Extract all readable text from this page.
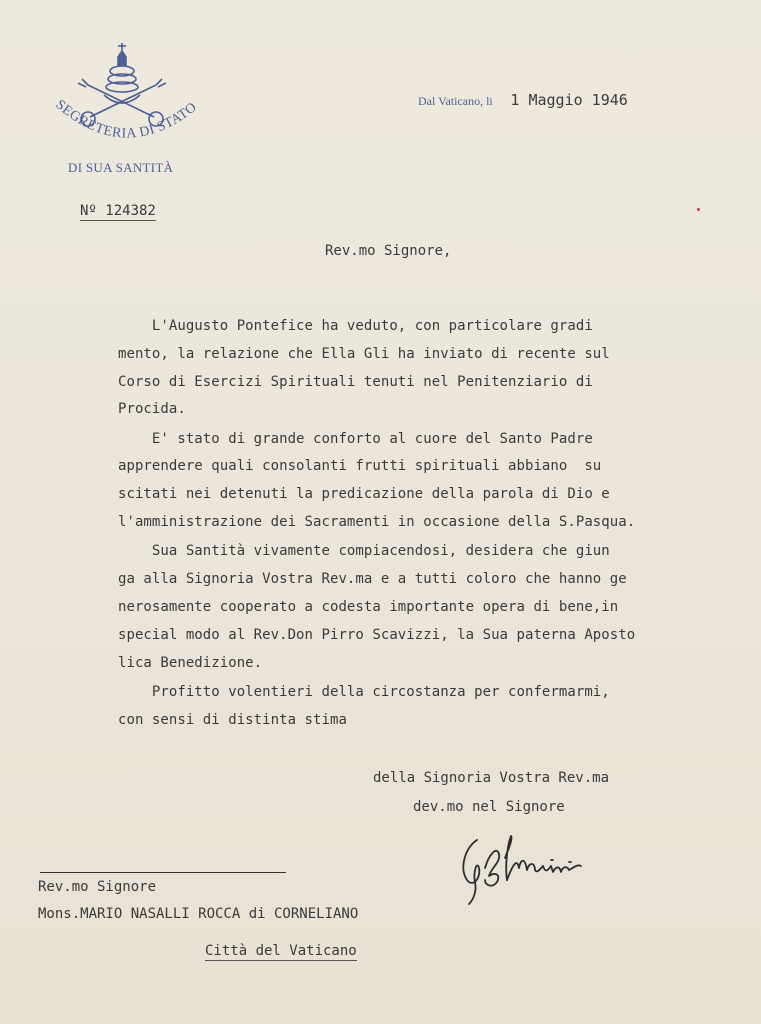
SEGRETERIA DI STATO
DI SUA SANTITÀ
Nº 124382
Dal Vaticano, li 1 Maggio 1946
Rev.mo Signore,
L'Augusto Pontefice ha veduto, con particolare gradi
mento, la relazione che Ella Gli ha inviato di recente sul
Corso di Esercizi Spirituali tenuti nel Penitenziario di
Procida.
E' stato di grande conforto al cuore del Santo Padre
apprendere quali consolanti frutti spirituali abbiano  su
scitati nei detenuti la predicazione della parola di Dio e
l'amministrazione dei Sacramenti in occasione della S.Pasqua.
Sua Santità vivamente compiacendosi, desidera che giun
ga alla Signoria Vostra Rev.ma e a tutti coloro che hanno ge
nerosamente cooperato a codesta importante opera di bene,in
special modo al Rev.Don Pirro Scavizzi, la Sua paterna Aposto
lica Benedizione.
Profitto volentieri della circostanza per confermarmi,
con sensi di distinta stima
della Signoria Vostra Rev.ma
dev.mo nel Signore
Rev.mo Signore
Mons.MARIO NASALLI ROCCA di CORNELIANO
Città del Vaticano
